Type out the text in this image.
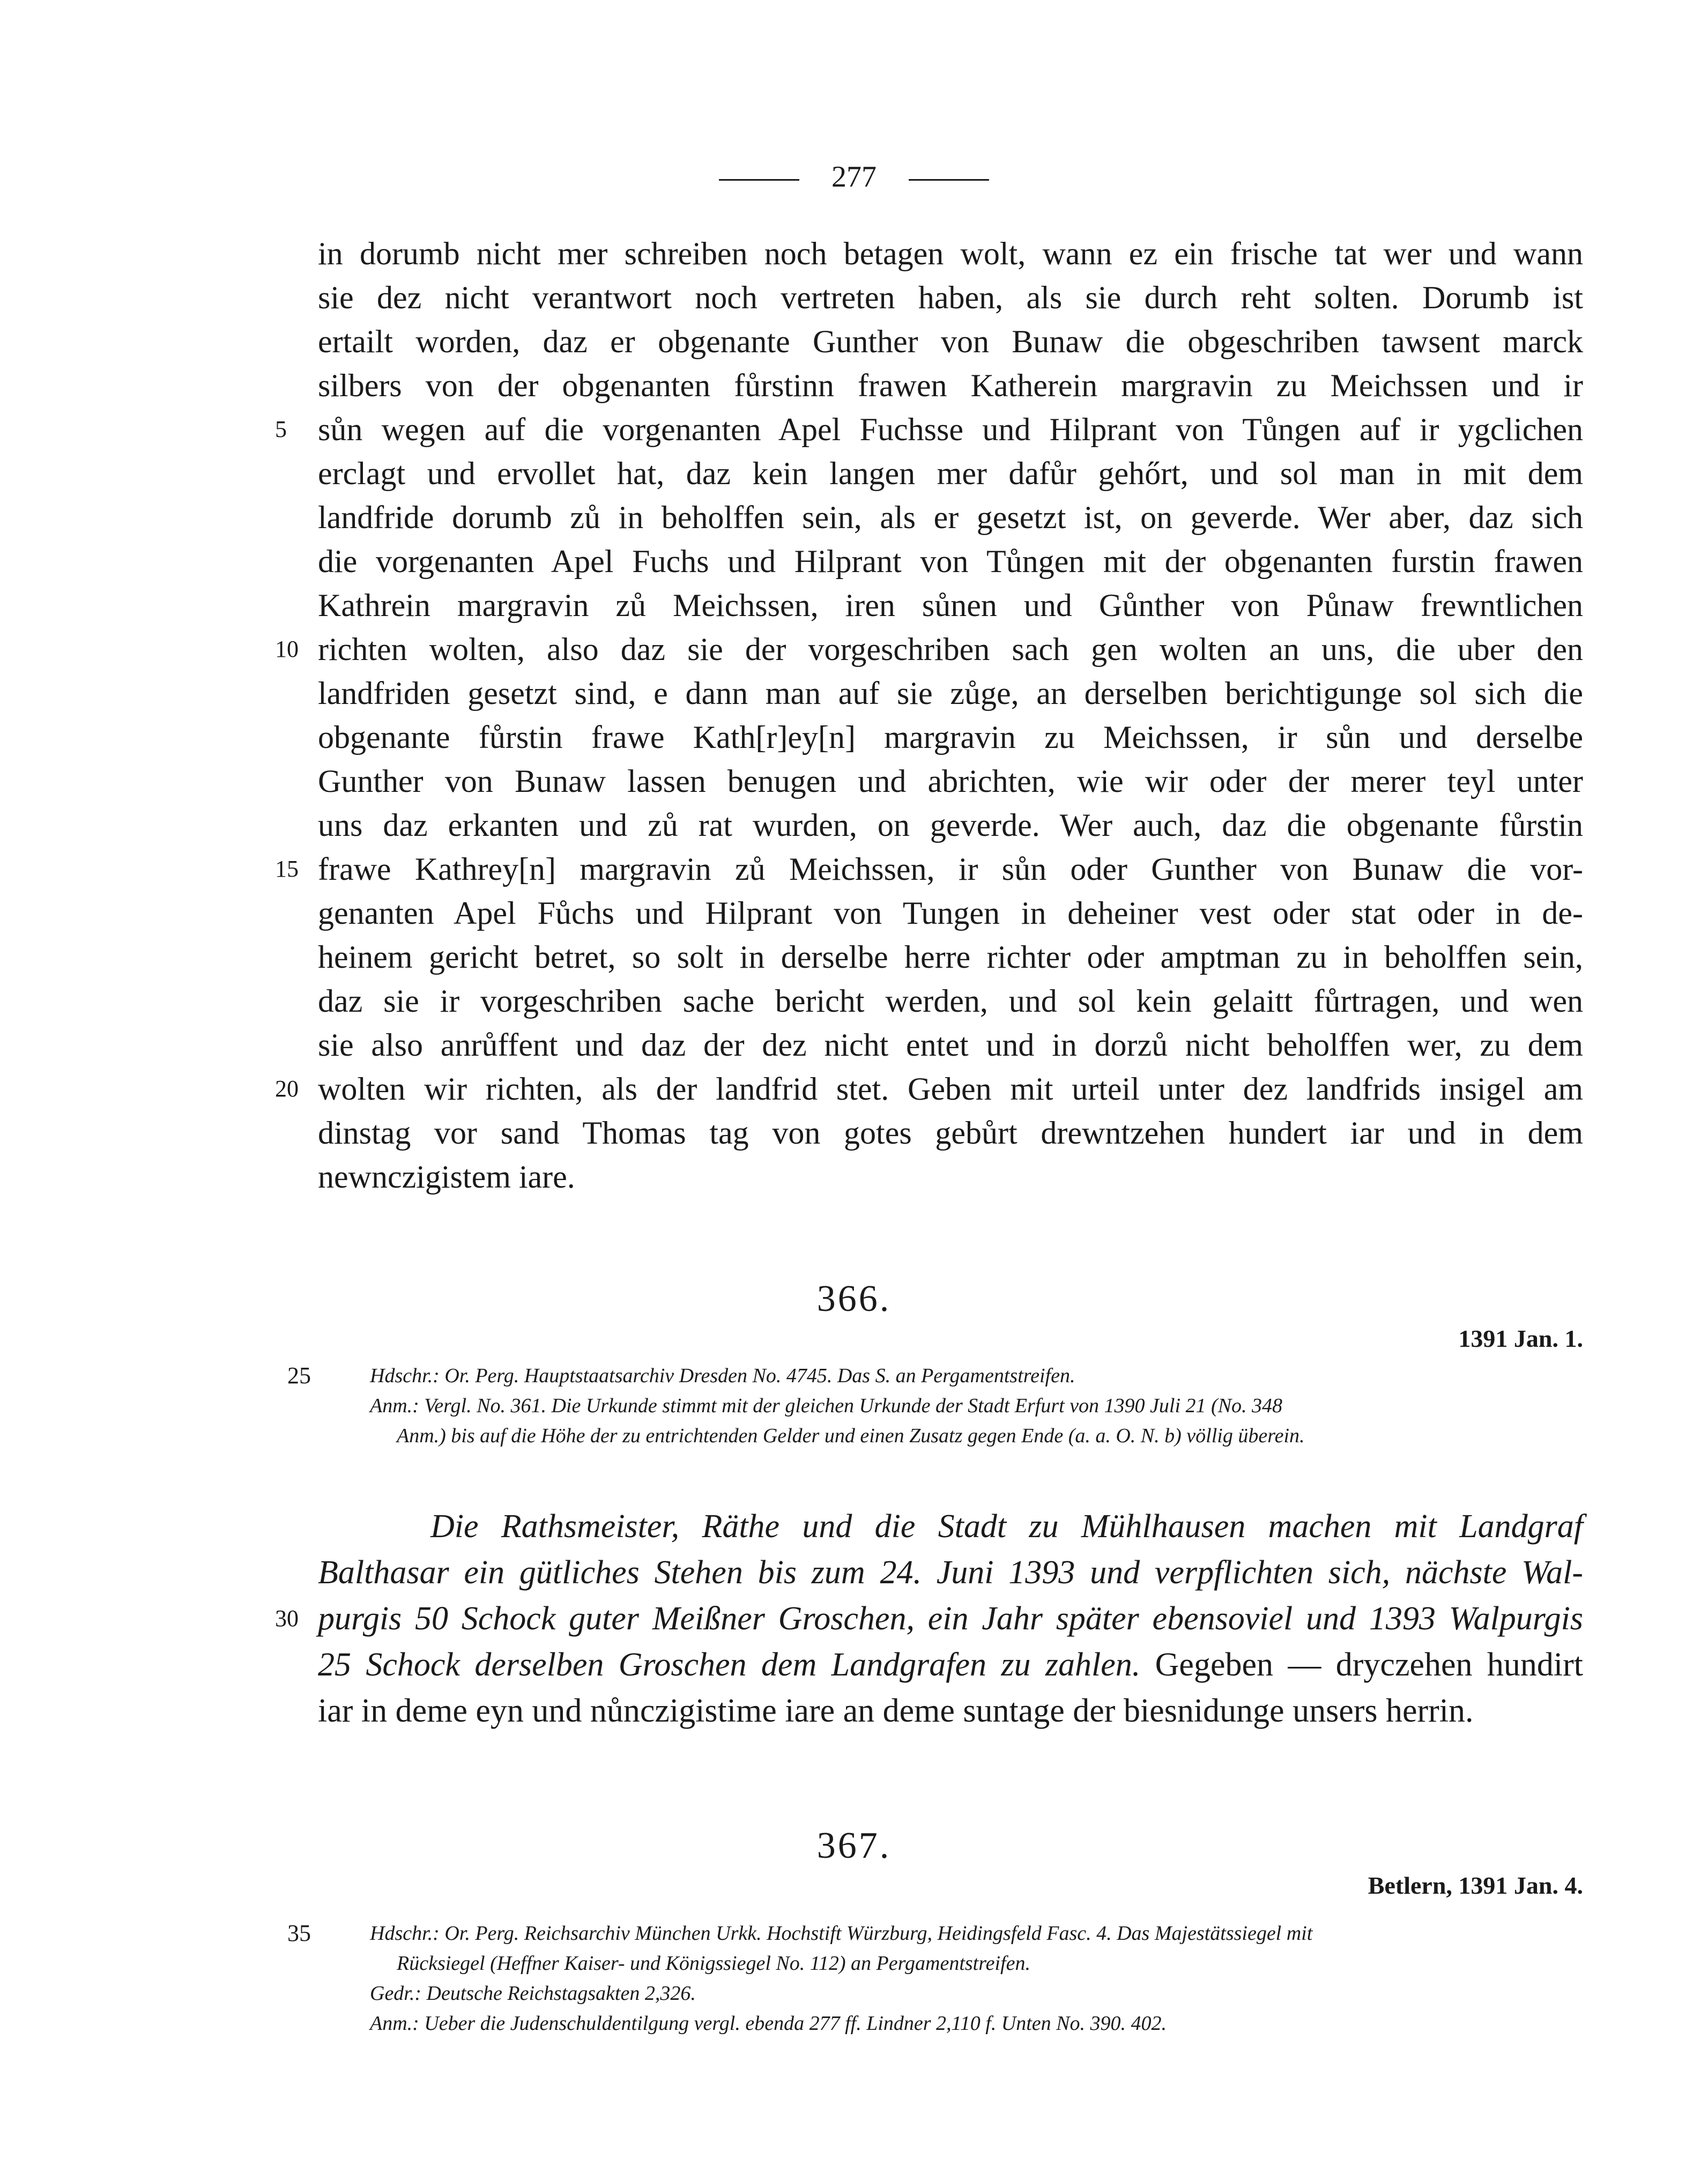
277
in dorumb nicht mer schreiben noch betagen wolt, wann ez ein frische tat wer und wann
sie dez nicht verantwort noch vertreten haben, als sie durch reht solten. Dorumb ist
ertailt worden, daz er obgenante Gunther von Bunaw die obgeschriben tawsent marck
silbers von der obgenanten fůrstinn frawen Katherein margravin zu Meichssen und ir
5 sůn wegen auf die vorgenanten Apel Fuchsse und Hilprant von Tůngen auf ir ygclichen
erclagt und ervollet hat, daz kein langen mer dafůr gehőrt, und sol man in mit dem
landfride dorumb zů in beholffen sein, als er gesetzt ist, on geverde. Wer aber, daz sich
die vorgenanten Apel Fuchs und Hilprant von Tůngen mit der obgenanten furstin frawen
Kathrein margravin zů Meichssen, iren sůnen und Gůnther von Půnaw frewntlichen
10 richten wolten, also daz sie der vorgeschriben sach gen wolten an uns, die uber den
landfriden gesetzt sind, e dann man auf sie zůge, an derselben berichtigunge sol sich die
obgenante fůrstin frawe Kath[r]ey[n] margravin zu Meichssen, ir sůn und derselbe
Gunther von Bunaw lassen benugen und abrichten, wie wir oder der merer teyl unter
uns daz erkanten und zů rat wurden, on geverde. Wer auch, daz die obgenante fůrstin
15 frawe Kathrey[n] margravin zů Meichssen, ir sůn oder Gunther von Bunaw die vor-
genanten Apel Fůchs und Hilprant von Tungen in deheiner vest oder stat oder in de-
heinem gericht betret, so solt in derselbe herre richter oder amptman zu in beholffen sein,
daz sie ir vorgeschriben sache bericht werden, und sol kein gelaitt fůrtragen, und wen
sie also anrůffent und daz der dez nicht entet und in dorzů nicht beholffen wer, zu dem
20 wolten wir richten, als der landfrid stet. Geben mit urteil unter dez landfrids insigel am
dinstag vor sand Thomas tag von gotes gebůrt drewntzehen hundert iar und in dem
newnczigistem iare.
366.
1391 Jan. 1.
25	Hdschr.: Or. Perg. Hauptstaatsarchiv Dresden No. 4745. Das S. an Pergamentstreifen.
Anm.: Vergl. No. 361. Die Urkunde stimmt mit der gleichen Urkunde der Stadt Erfurt von 1390 Juli 21 (No. 348
Anm.) bis auf die Höhe der zu entrichtenden Gelder und einen Zusatz gegen Ende (a. a. O. N. b) völlig überein.
Die Rathsmeister, Räthe und die Stadt zu Mühlhausen machen mit Landgraf
Balthasar ein gütliches Stehen bis zum 24. Juni 1393 und verpflichten sich, nächste Wal-
30 purgis 50 Schock guter Meißner Groschen, ein Jahr später ebensoviel und 1393 Walpurgis
25 Schock derselben Groschen dem Landgrafen zu zahlen. Gegeben — dryczehen hundirt
iar in deme eyn und nůnczigistime iare an deme suntage der biesnidunge unsers herrin.
367.
Betlern, 1391 Jan. 4.
35	Hdschr.: Or. Perg. Reichsarchiv München Urkk. Hochstift Würzburg, Heidingsfeld Fasc. 4. Das Majestätssiegel mit
Rücksiegel (Heffner Kaiser- und Königssiegel No. 112) an Pergamentstreifen.
Gedr.: Deutsche Reichstagsakten 2,326.
Anm.: Ueber die Judenschuldentilgung vergl. ebenda 277 ff. Lindner 2,110 f. Unten No. 390. 402.
